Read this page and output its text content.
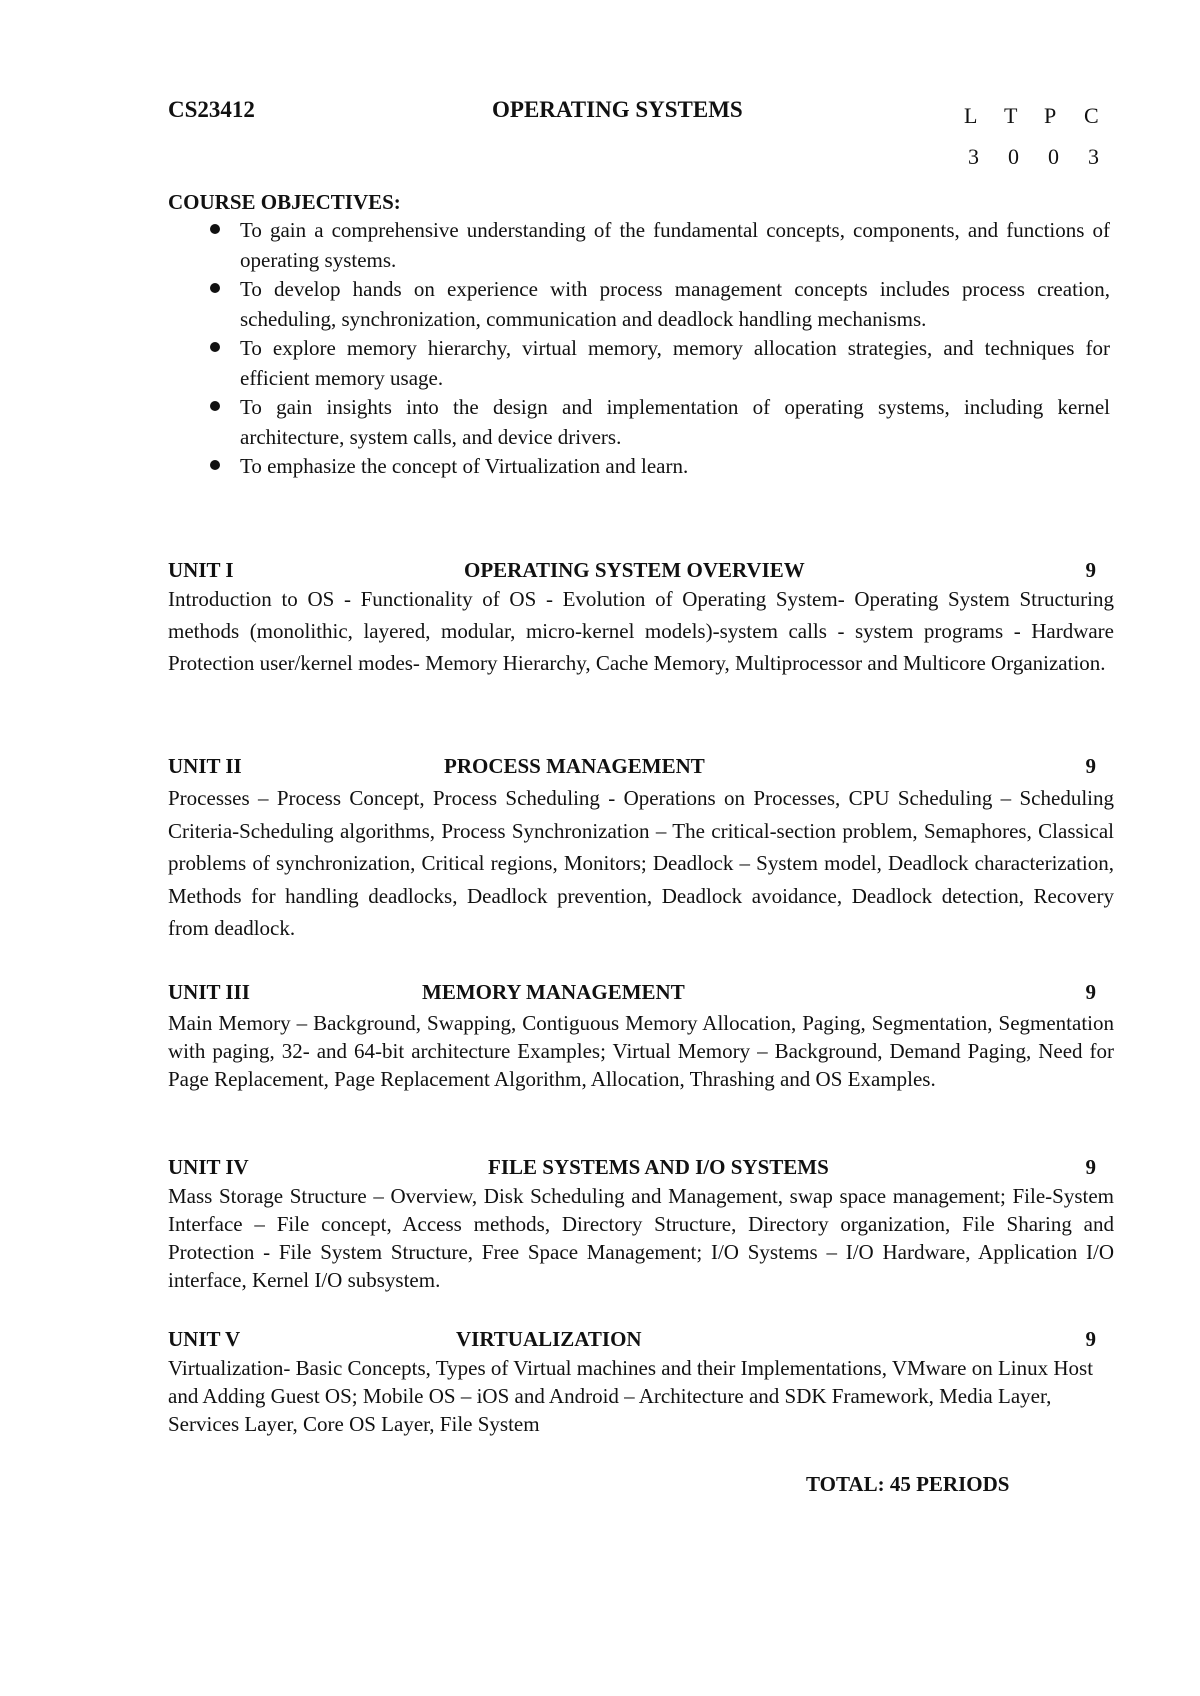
CS23412	OPERATING SYSTEMS	L T P C
3 0 0 3
COURSE OBJECTIVES:
To gain a comprehensive understanding of the fundamental concepts, components, and functions of operating systems.
To develop hands on experience with process management concepts includes process creation, scheduling, synchronization, communication and deadlock handling mechanisms.
To explore memory hierarchy, virtual memory, memory allocation strategies, and techniques for efficient memory usage.
To gain insights into the design and implementation of operating systems, including kernel architecture, system calls, and device drivers.
To emphasize the concept of Virtualization and learn.
UNIT I	OPERATING SYSTEM OVERVIEW	9

Introduction to OS - Functionality of OS - Evolution of Operating System- Operating System Structuring methods (monolithic, layered, modular, micro-kernel models)-system calls - system programs - Hardware Protection user/kernel modes- Memory Hierarchy, Cache Memory, Multiprocessor and Multicore Organization.

UNIT II	PROCESS MANAGEMENT	9

Processes – Process Concept, Process Scheduling - Operations on Processes, CPU Scheduling – Scheduling Criteria-Scheduling algorithms, Process Synchronization – The critical-section problem, Semaphores, Classical problems of synchronization, Critical regions, Monitors; Deadlock – System model, Deadlock characterization, Methods for handling deadlocks, Deadlock prevention, Deadlock avoidance, Deadlock detection, Recovery from deadlock.

UNIT III	MEMORY MANAGEMENT	9

Main Memory – Background, Swapping, Contiguous Memory Allocation, Paging, Segmentation, Segmentation with paging, 32- and 64-bit architecture Examples; Virtual Memory – Background, Demand Paging, Need for Page Replacement, Page Replacement Algorithm, Allocation, Thrashing and OS Examples.

UNIT IV	FILE SYSTEMS AND I/O SYSTEMS	9

Mass Storage Structure – Overview, Disk Scheduling and Management, swap space management; File-System Interface – File concept, Access methods, Directory Structure, Directory organization, File Sharing and Protection - File System Structure, Free Space Management; I/O Systems – I/O Hardware, Application I/O interface, Kernel I/O subsystem.

UNIT V	VIRTUALIZATION	9

Virtualization- Basic Concepts, Types of Virtual machines and their Implementations, VMware on Linux Host and Adding Guest OS; Mobile OS – iOS and Android – Architecture and SDK Framework, Media Layer, Services Layer, Core OS Layer, File System

TOTAL: 45 PERIODS
